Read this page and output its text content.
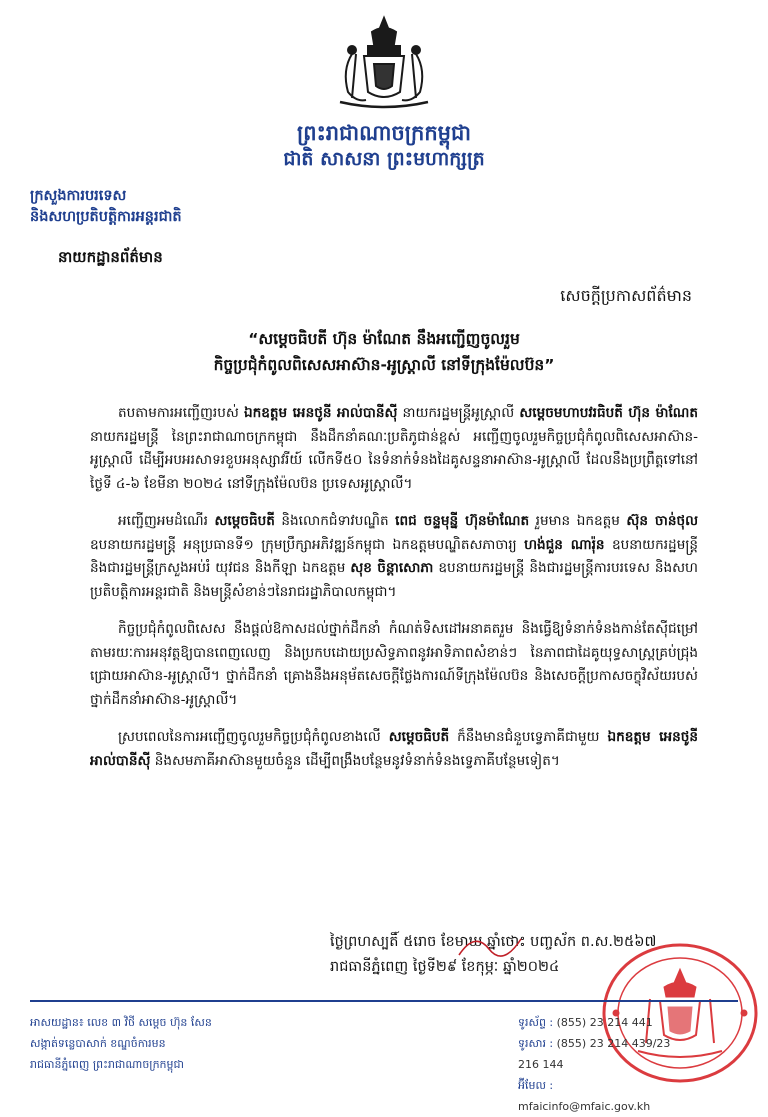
ព្រះរាជាណាចក្រកម្ពុជា
ជាតិ សាសនា ព្រះមហាក្សត្រ
ក្រសួងការបរទេស
និងសហប្រតិបត្តិការអន្តរជាតិ
នាយកដ្ឋានព័ត៌មាន
សេចក្ដីប្រកាសព័ត៌មាន
“សម្ដេចធិបតី ហ៊ុន ម៉ាណែត នឹងអញ្ជើញចូលរួម
កិច្ចប្រជុំកំពូលពិសេសអាស៊ាន-អូស្ត្រាលី នៅទីក្រុងម៉ែលប៊ន”

តបតាមការអញ្ជើញរបស់ ឯកឧត្ដម អេនថូនី អាល់បានីស៊ី នាយករដ្ឋមន្ត្រីអូស្ត្រាលី សម្ដេចមហាបវរធិបតី ហ៊ុន ម៉ាណែត នាយករដ្ឋមន្ត្រី នៃព្រះរាជាណាចក្រកម្ពុជា នឹងដឹកនាំគណៈប្រតិភូជាន់ខ្ពស់ អញ្ជើញចូលរួមកិច្ចប្រជុំកំពូលពិសេសអាស៊ាន-អូស្ត្រាលី ដើម្បីអបអរសាទរខួបអនុស្សាវរីយ៍ លើកទី៥០ នៃទំនាក់ទំនងដៃគូសន្ទនាអាស៊ាន-អូស្ត្រាលី ដែលនឹងប្រព្រឹត្តទៅនៅថ្ងៃទី ៤-៦ ខែមីនា ២០២៤ នៅទីក្រុងម៉ែលប៊ន ប្រទេសអូស្ត្រាលី។

អញ្ជើញអមដំណើរ សម្ដេចធិបតី និងលោកជំទាវបណ្ឌិត ពេជ ចន្ទមុន្នី ហ៊ុនម៉ាណែត រួមមាន ឯកឧត្ដម ស៊ុន ចាន់ថុល ឧបនាយករដ្ឋមន្ត្រី អនុប្រធានទី១ ក្រុមប្រឹក្សាអភិវឌ្ឍន៍កម្ពុជា ឯកឧត្ដមបណ្ឌិតសភាចារ្យ ហង់ជួន ណារ៉ុន ឧបនាយករដ្ឋមន្ត្រី និងជារដ្ឋមន្ត្រីក្រសួងអប់រំ យុវជន និងកីឡា ឯកឧត្ដម សុខ ចិន្ដាសោភា ឧបនាយករដ្ឋមន្ត្រី និងជារដ្ឋមន្ត្រីការបរទេស និងសហប្រតិបត្តិការអន្តរជាតិ និងមន្ត្រីសំខាន់ៗនៃរាជរដ្ឋាភិបាលកម្ពុជា។

កិច្ចប្រជុំកំពូលពិសេស នឹងផ្ដល់ឱកាសដល់ថ្នាក់ដឹកនាំ កំណត់ទិសដៅអនាគតរួម និងធ្វើឱ្យទំនាក់ទំនងកាន់តែស៊ីជម្រៅ តាមរយៈការអនុវត្តឱ្យបានពេញលេញ និងប្រកបដោយប្រសិទ្ធភាពនូវអាទិភាពសំខាន់ៗ នៃភាពជាដៃគូយុទ្ធសាស្ត្រគ្រប់ជ្រុងជ្រោយអាស៊ាន-អូស្ត្រាលី។ ថ្នាក់ដឹកនាំ គ្រោងនឹងអនុម័តសេចក្ដីថ្លែងការណ៍ទីក្រុងម៉ែលប៊ន និងសេចក្ដីប្រកាសចក្ខុវិស័យរបស់ថ្នាក់ដឹកនាំអាស៊ាន-អូស្ត្រាលី។

ស្របពេលនៃការអញ្ជើញចូលរួមកិច្ចប្រជុំកំពូលខាងលើ សម្ដេចធិបតី ក៏នឹងមានជំនួបទ្វេភាគីជាមួយ ឯកឧត្ដម អេនថូនី អាល់បានីស៊ី និងសមភាគីអាស៊ានមួយចំនួន ដើម្បីពង្រឹងបន្ថែមនូវទំនាក់ទំនងទ្វេភាគីបន្ថែមទៀត។

ថ្ងៃព្រហស្បតិ៍ ៥រោច ខែមាឃ ឆ្នាំថោះ បញ្ចស័ក ព.ស.២៥៦៧
រាជធានីភ្នំពេញ ថ្ងៃទី២៩ ខែកុម្ភៈ ឆ្នាំ២០២៤
អាសយដ្ឋាន៖ លេខ ៣ វិថី សម្ដេច ហ៊ុន សែន
សង្កាត់ទន្លេបាសាក់ ខណ្ឌចំការមន
រាជធានីភ្នំពេញ ព្រះរាជាណាចក្រកម្ពុជា
ទូរស័ព្ទ : (855) 23 214 441
ទូរសារ : (855) 23 214 439/23 216 144
អ៊ីមែល : mfaicinfo@mfaic.gov.kh
